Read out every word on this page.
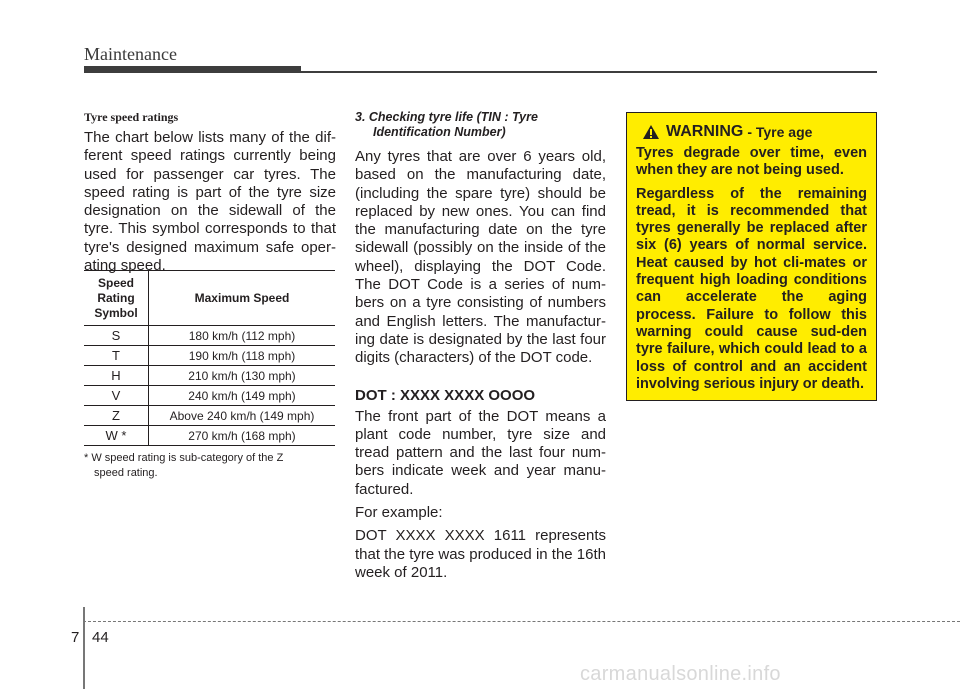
Maintenance

Tyre speed ratings

The chart below lists many of the dif-ferent speed ratings currently being used for passenger car tyres. The speed rating is part of the tyre size designation on the sidewall of the tyre. This symbol corresponds to that tyre's designed maximum safe oper-ating speed.

Speed Rating Symbol	Maximum Speed
S	180 km/h (112 mph)
T	190 km/h (118 mph)
H	210 km/h (130 mph)
V	240 km/h (149 mph)
Z	Above 240 km/h (149 mph)
W *	270 km/h (168 mph)
* W speed rating is sub-category of the Z
speed rating.

3. Checking tyre life (TIN : Tyre
Identification Number)

Any tyres that are over 6 years old, based on the manufacturing date, (including the spare tyre) should be replaced by new ones. You can find the manufacturing date on the tyre sidewall (possibly on the inside of the wheel), displaying the DOT Code. The DOT Code is a series of num-bers on a tyre consisting of numbers and English letters. The manufactur-ing date is designated by the last four digits (characters) of the DOT code.

DOT : XXXX XXXX OOOO

The front part of the DOT means a plant code number, tyre size and tread pattern and the last four num-bers indicate week and year manu-factured.

For example:

DOT XXXX XXXX 1611 represents that the tyre was produced in the 16th week of 2011.

WARNING - Tyre age

Tyres degrade over time, even when they are not being used.

Regardless of the remaining tread, it is recommended that tyres generally be replaced after six (6) years of normal service. Heat caused by hot cli-mates or frequent high loading conditions can accelerate the aging process. Failure to follow this warning could cause sud-den tyre failure, which could lead to a loss of control and an accident involving serious injury or death.

7 44
carmanualsonline.info
